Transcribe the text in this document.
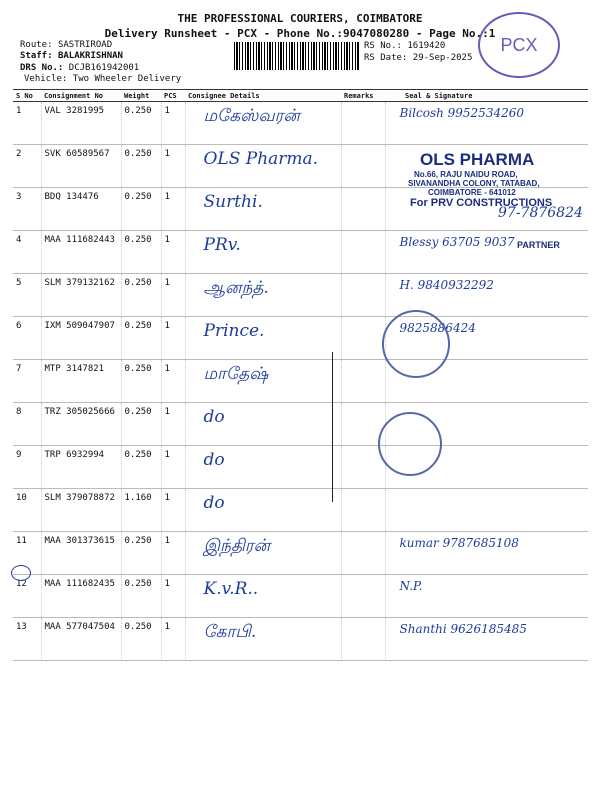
THE PROFESSIONAL COURIERS, COIMBATORE
Delivery Runsheet - PCX - Phone No.:9047080280 - Page No.:1
Route: SASTRIROAD
Staff: BALAKRISHNAN
DRS No.: DCJB161942001
Vehicle: Two Wheeler Delivery
RS No.: 1619420
RS Date: 29-Sep-2025
PCX
S No	Consignment No	Weight	PCS	Consignee Details	Remarks	Seal & Signature
1	VAL 3281995	0.250	1	மகேஸ்வரன்		Bilcosh 9952534260
2	SVK 60589567	0.250	1	OLS Pharma.		
3	BDQ 134476	0.250	1	Surthi.		
4	MAA 111682443	0.250	1	PRv.		Blessy 63705 9037
5	SLM 379132162	0.250	1	ஆனந்த்.		H. 9840932292
6	IXM 509047907	0.250	1	Prince.		9825886424
7	MTP 3147821	0.250	1	மாதேஷ்		
8	TRZ 305025666	0.250	1	do		
9	TRP 6932994	0.250	1	do		
10	SLM 379078872	1.160	1	do		
11	MAA 301373615	0.250	1	இந்திரன்		kumar 9787685108
12	MAA 111682435	0.250	1	K.v.R..		N.P.
13	MAA 577047504	0.250	1	கோபி.		Shanthi 9626185485
OLS PHARMA
No.66, RAJU NAIDU ROAD,
SIVANANDHA COLONY, TATABAD,
COIMBATORE - 641012
For PRV CONSTRUCTIONS
97-7876824
PARTNER
